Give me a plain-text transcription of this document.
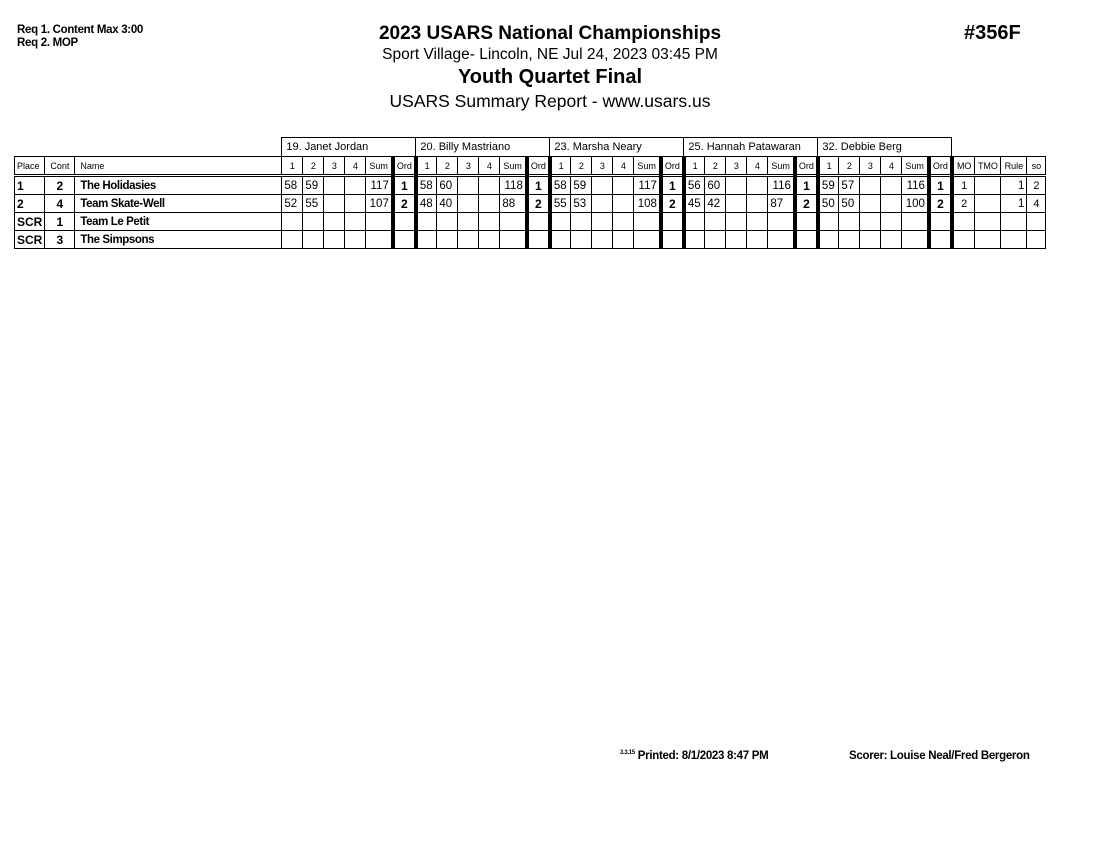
Req 1. Content Max 3:00
Req 2. MOP	2023 USARS National Championships
Sport Village- Lincoln, NE Jul 24, 2023 03:45 PM
Youth Quartet Final
USARS Summary Report - www.usars.us
#356F
			19. Janet Jordan						20. Billy Mastriano						23. Marsha Neary						25. Hannah Patawaran						32. Debbie Berg									
Place	Cont	Name	1	2	3	4	Sum	Ord	1	2	3	4	Sum	Ord	1	2	3	4	Sum	Ord	1	2	3	4	Sum	Ord	1	2	3	4	Sum	Ord	MO	TMO	Rule	so
1	2	The Holidasies	58	59			117	1	58	60			118	1	58	59			117	1	56	60			116	1	59	57			116	1	1		1	2
2	4	Team Skate-Well	52	55			107	2	48	40			88	2	55	53			108	2	45	42			87	2	50	50			100	2	2		1	4
SCR	1	Team Le Petit																																		
SCR	3	The Simpsons																																		
$^{3.3.15}$ Printed: 8/1/2023 8:47 PM	Scorer: Louise Neal/Fred Bergeron
